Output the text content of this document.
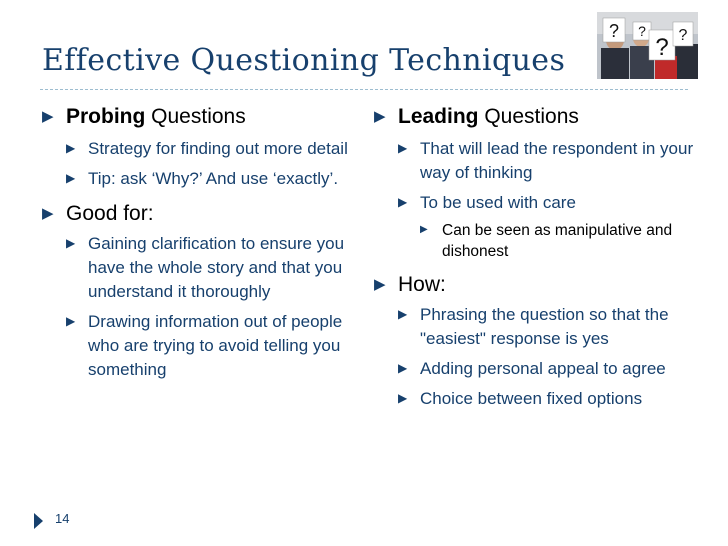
Effective Questioning Techniques
? ?
? ?
▶ Probing Questions
▶ Strategy for finding out more detail
▶ Tip: ask ‘Why?’ And use ‘exactly’.
▶ Good for:
▶ Gaining clarification to ensure you have the whole story and that you understand it thoroughly
▶ Drawing information out of people who are trying to avoid telling you something
▶ Leading Questions
▶ That will lead the respondent in your way of thinking
▶ To be used with care
▶ Can be seen as manipulative and dishonest
▶ How:
▶ Phrasing the question so that the "easiest" response is yes
▶ Adding personal appeal to agree
▶ Choice between fixed options
14
